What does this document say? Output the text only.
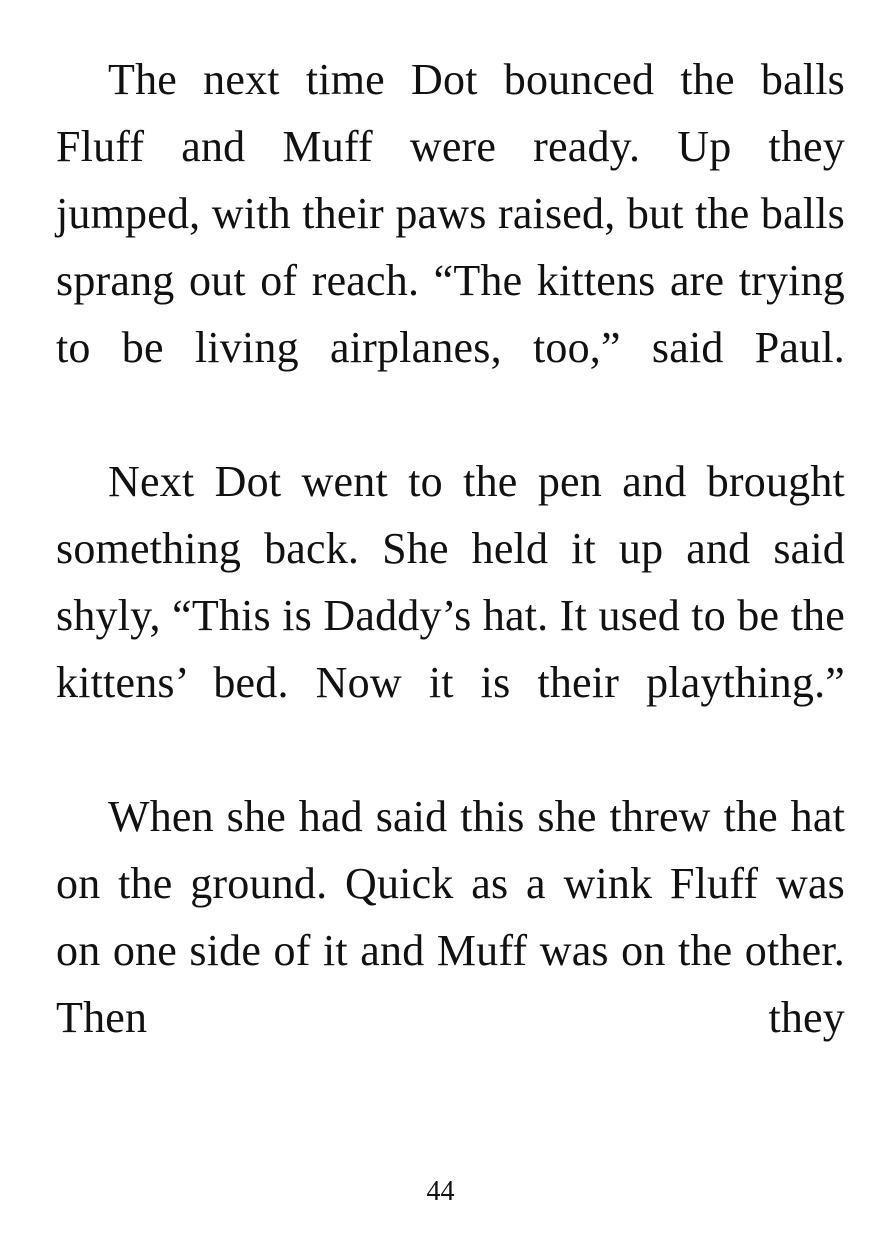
The next time Dot bounced the balls Fluff and Muff were ready. Up they jumped, with their paws raised, but the balls sprang out of reach. “The kittens are trying to be living airplanes, too,” said Paul.

Next Dot went to the pen and brought something back. She held it up and said shyly, “This is Daddy’s hat. It used to be the kittens’ bed. Now it is their plaything.”

When she had said this she threw the hat on the ground. Quick as a wink Fluff was on one side of it and Muff was on the other. Then they

44
